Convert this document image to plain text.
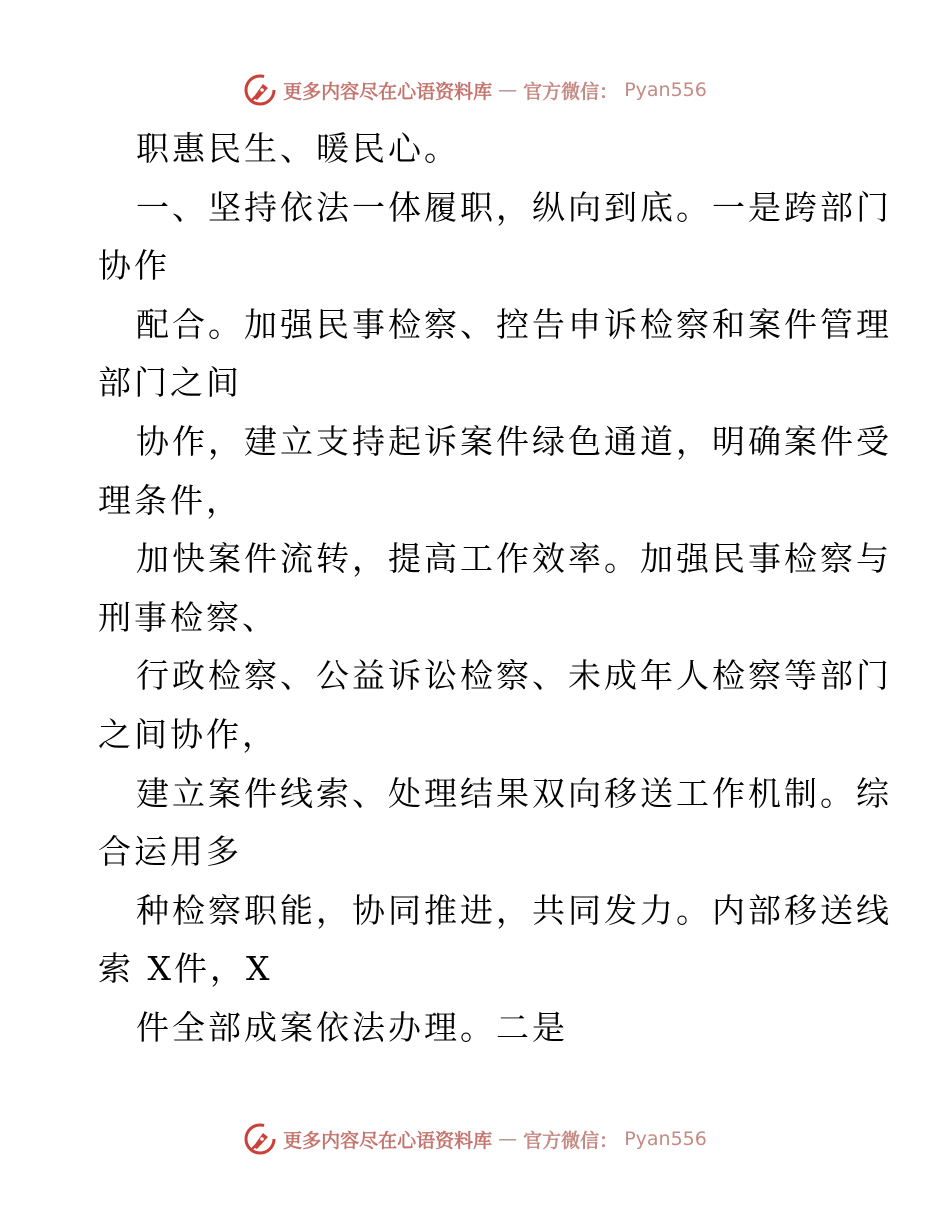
更多内容尽在心语资料库 — 官方微信： Pyan556
职惠民生、暖民心。
一、坚持依法一体履职，纵向到底。一是跨部门
协作
配合。加强民事检察、控告申诉检察和案件管理
部门之间
协作，建立支持起诉案件绿色通道，明确案件受
理条件，
加快案件流转，提高工作效率。加强民事检察与
刑事检察、
行政检察、公益诉讼检察、未成年人检察等部门
之间协作，
建立案件线索、处理结果双向移送工作机制。综
合运用多
种检察职能，协同推进，共同发力。内部移送线
索 X件，X
件全部成案依法办理。二是
更多内容尽在心语资料库 — 官方微信： Pyan556
